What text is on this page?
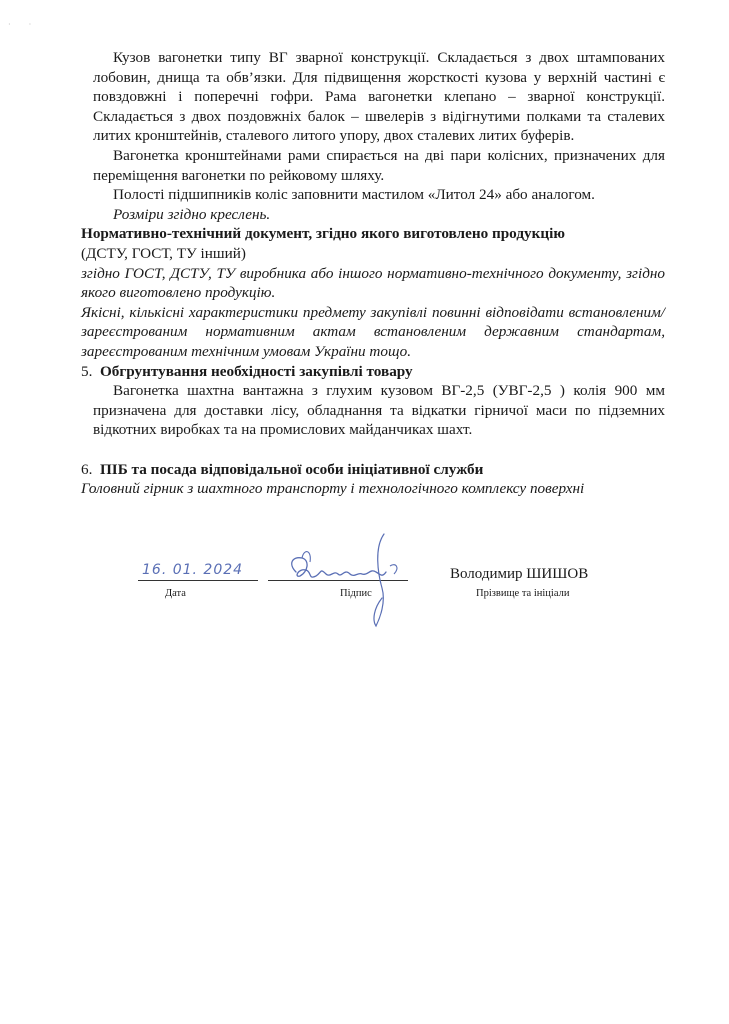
· ·

Кузов вагонетки типу ВГ зварної конструкції. Складається з двох штампованих лобовин, днища та обв’язки. Для підвищення жорсткості кузова у верхній частині є повздовжні і поперечні гофри. Рама вагонетки клепано – зварної конструкції. Складається з двох поздовжніх балок – швелерів з відігнутими полками та сталевих литих кронштейнів, сталевого литого упору, двох сталевих литих буферів.

Вагонетка кронштейнами рами спирається на дві пари колісних, призначених для переміщення вагонетки по рейковому шляху.

Полості підшипників коліс заповнити мастилом «Литол 24» або аналогом.

Розміри згідно креслень.

Нормативно-технічний документ, згідно якого виготовлено продукцію

(ДСТУ, ГОСТ, ТУ інший)

згідно ГОСТ, ДСТУ, ТУ виробника або іншого нормативно-технічного документу, згідно якого виготовлено продукцію.

Якісні, кількісні характеристики предмету закупівлі повинні відповідати встановленим/зареєстрованим нормативним актам встановленим державним стандартам, зареєстрованим технічним умовам України тощо.

5. Обгрунтування необхідності закупівлі товару

Вагонетка шахтна вантажна з глухим кузовом ВГ-2,5 (УВГ-2,5 ) колія 900 мм призначена для доставки лісу, обладнання та відкатки гірничої маси по підземних відкотних виробках та на промислових майданчиках шахт.

6. ПІБ та посада відповідальної особи ініціативної служби

Головний гірник з шахтного транспорту і технологічного комплексу поверхні

16. 01. 2024	Володимир ШИШОВ
Дата	Підпис	Прізвище та ініціали
